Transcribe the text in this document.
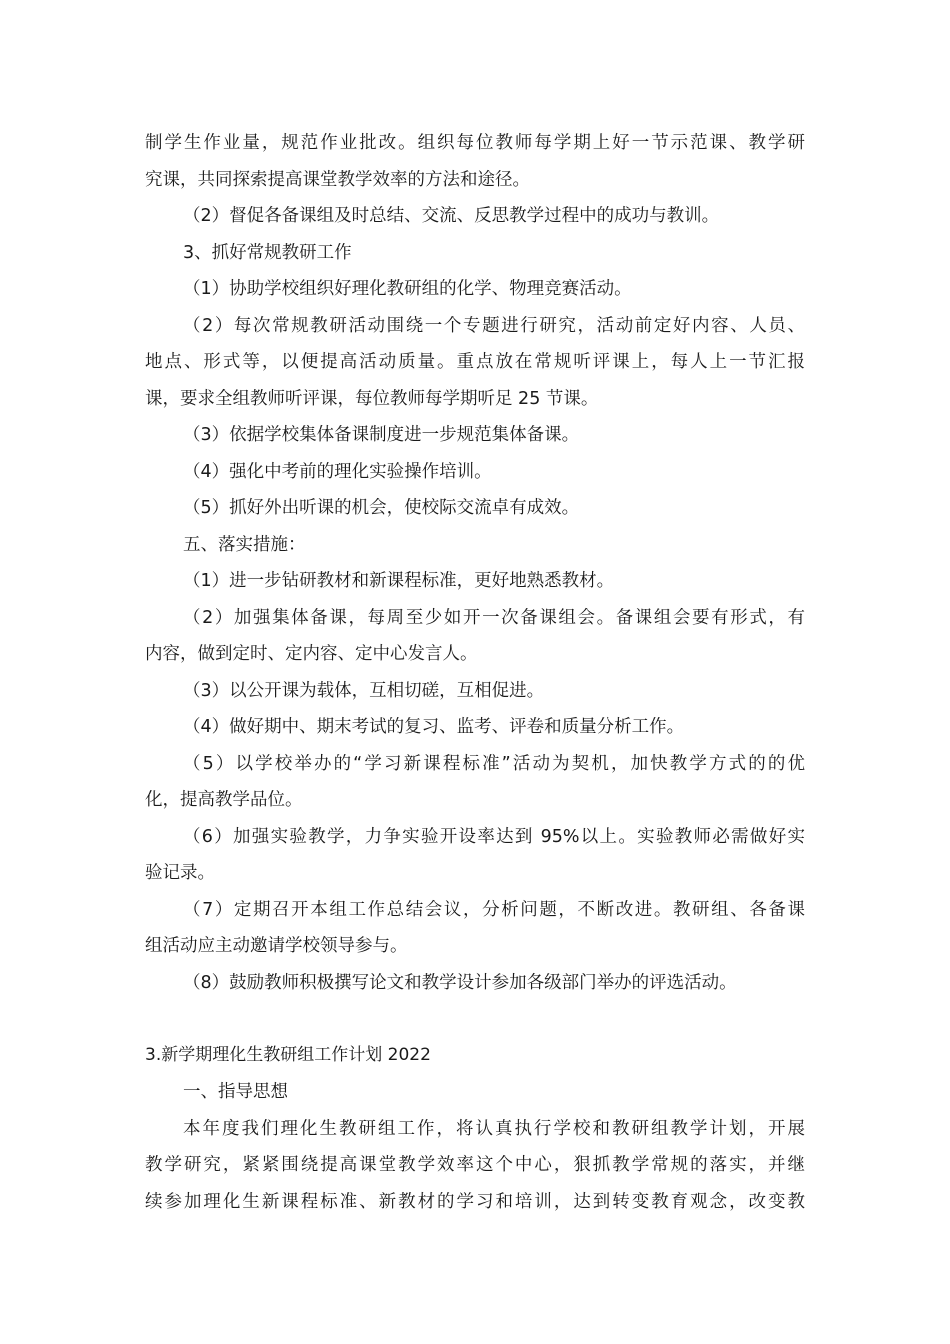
制学生作业量，规范作业批改。组织每位教师每学期上好一节示范课、教学研
究课，共同探索提高课堂教学效率的方法和途径。
（2）督促各备课组及时总结、交流、反思教学过程中的成功与教训。
3、抓好常规教研工作
（1）协助学校组织好理化教研组的化学、物理竞赛活动。
（2）每次常规教研活动围绕一个专题进行研究，活动前定好内容、人员、
地点、形式等，以便提高活动质量。重点放在常规听评课上，每人上一节汇报
课，要求全组教师听评课，每位教师每学期听足 25 节课。
（3）依据学校集体备课制度进一步规范集体备课。
（4）强化中考前的理化实验操作培训。
（5）抓好外出听课的机会，使校际交流卓有成效。
五、落实措施：
（1）进一步钻研教材和新课程标准，更好地熟悉教材。
（2）加强集体备课，每周至少如开一次备课组会。备课组会要有形式，有
内容，做到定时、定内容、定中心发言人。
（3）以公开课为载体，互相切磋，互相促进。
（4）做好期中、期末考试的复习、监考、评卷和质量分析工作。
（5）以学校举办的“学习新课程标准”活动为契机，加快教学方式的的优
化，提高教学品位。
（6）加强实验教学，力争实验开设率达到 95%以上。实验教师必需做好实
验记录。
（7）定期召开本组工作总结会议，分析问题，不断改进。教研组、各备课
组活动应主动邀请学校领导参与。
（8）鼓励教师积极撰写论文和教学设计参加各级部门举办的评选活动。
3.新学期理化生教研组工作计划 2022
一、指导思想
本年度我们理化生教研组工作，将认真执行学校和教研组教学计划，开展
教学研究，紧紧围绕提高课堂教学效率这个中心，狠抓教学常规的落实，并继
续参加理化生新课程标准、新教材的学习和培训，达到转变教育观念，改变教
